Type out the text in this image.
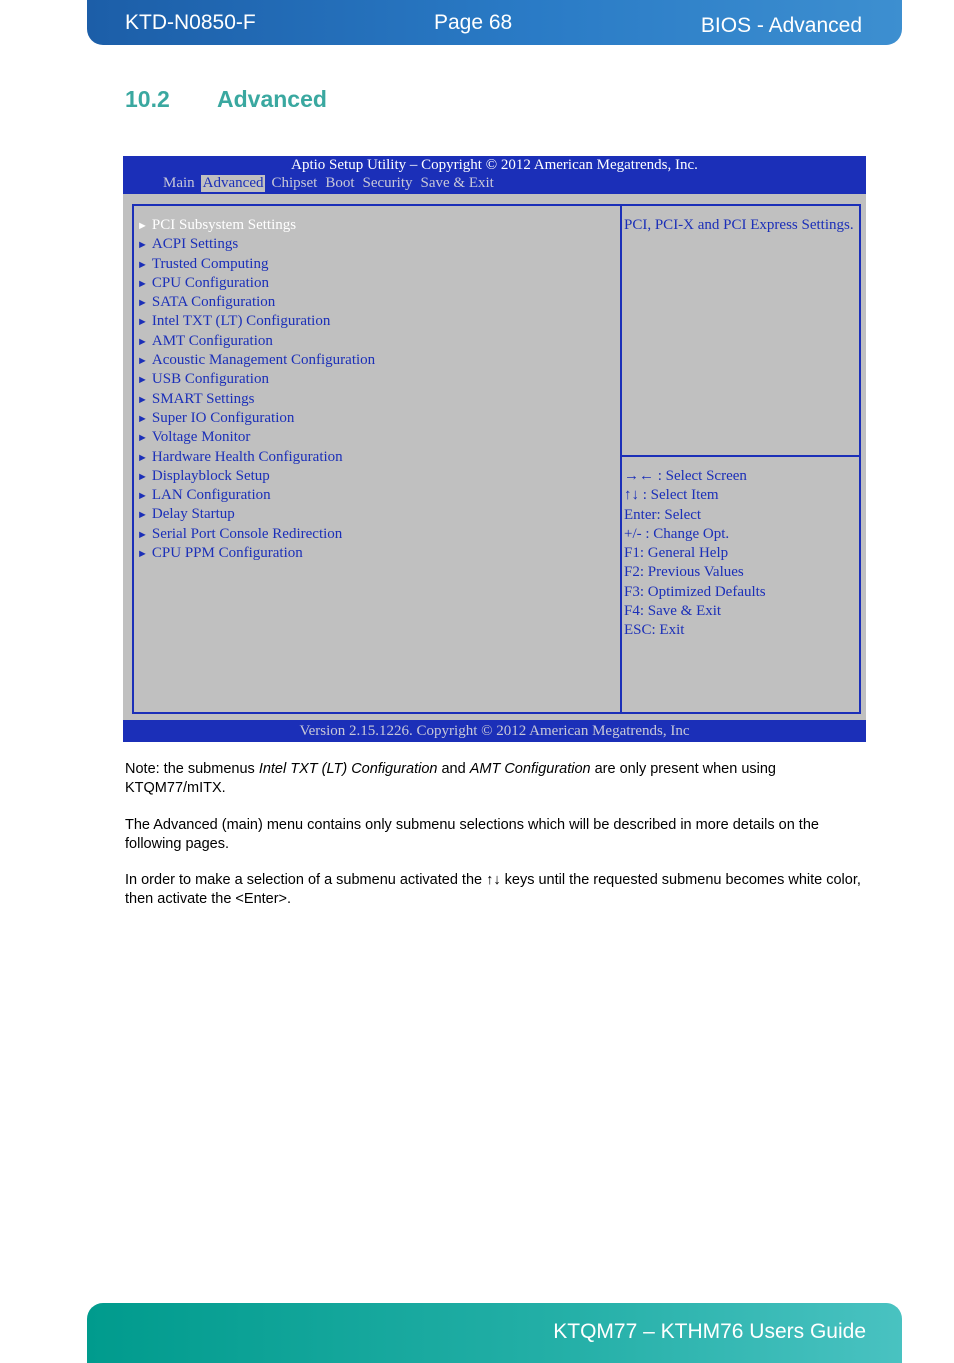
KTD-N0850-F	Page 68	BIOS - Advanced
10.2 Advanced
Aptio Setup Utility – Copyright © 2012 American Megatrends, Inc.
Main Advanced Chipset Boot Security Save & Exit
► PCI Subsystem Settings
► ACPI Settings
► Trusted Computing
► CPU Configuration
► SATA Configuration
► Intel TXT (LT) Configuration
► AMT Configuration
► Acoustic Management Configuration
► USB Configuration
► SMART Settings
► Super IO Configuration
► Voltage Monitor
► Hardware Health Configuration
► Displayblock Setup
► LAN Configuration
► Delay Startup
► Serial Port Console Redirection
► CPU PPM Configuration
PCI, PCI-X and PCI Express Settings.
→← : Select Screen
↑↓ : Select Item
Enter: Select
+/- : Change Opt.
F1: General Help
F2: Previous Values
F3: Optimized Defaults
F4: Save & Exit
ESC: Exit
Version 2.15.1226. Copyright © 2012 American Megatrends, Inc
Note: the submenus Intel TXT (LT) Configuration and AMT Configuration are only present when using KTQM77/mITX.
The Advanced (main) menu contains only submenu selections which will be described in more details on the following pages.
In order to make a selection of a submenu activated the ↑↓ keys until the requested submenu becomes white color, then activate the <Enter>.
KTQM77 – KTHM76 Users Guide
